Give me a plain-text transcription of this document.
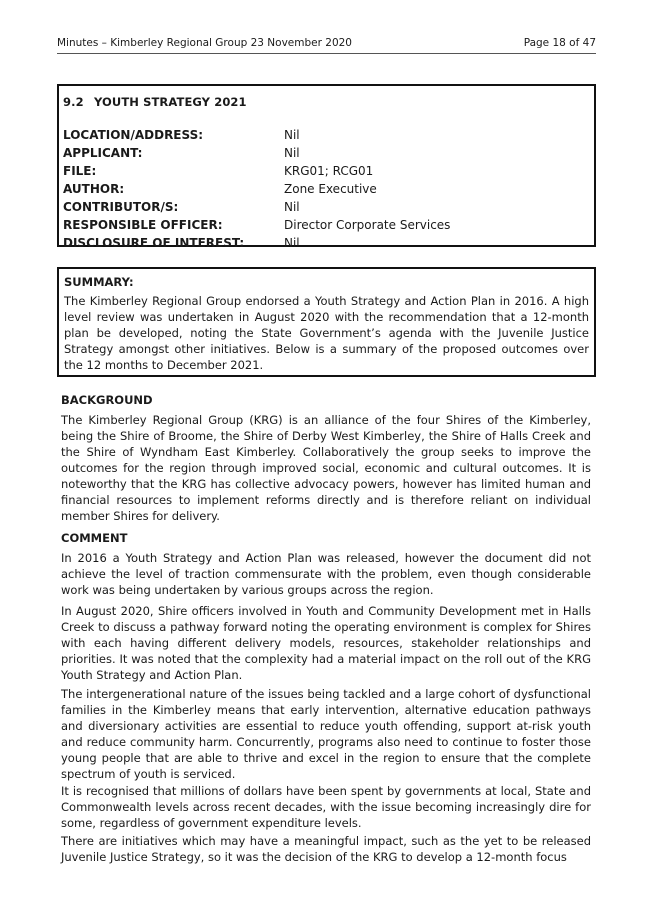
Minutes – Kimberley Regional Group 23 November 2020	Page 18 of 47
9.2 YOUTH STRATEGY 2021
LOCATION/ADDRESS:	Nil
APPLICANT:	Nil
FILE:	KRG01; RCG01
AUTHOR:	Zone Executive
CONTRIBUTOR/S:	Nil
RESPONSIBLE OFFICER:	Director Corporate Services
DISCLOSURE OF INTEREST:	Nil
SUMMARY:

The Kimberley Regional Group endorsed a Youth Strategy and Action Plan in 2016. A high level review was undertaken in August 2020 with the recommendation that a 12-month plan be developed, noting the State Government’s agenda with the Juvenile Justice Strategy amongst other initiatives. Below is a summary of the proposed outcomes over the 12 months to December 2021.

BACKGROUND

The Kimberley Regional Group (KRG) is an alliance of the four Shires of the Kimberley, being the Shire of Broome, the Shire of Derby West Kimberley, the Shire of Halls Creek and the Shire of Wyndham East Kimberley. Collaboratively the group seeks to improve the outcomes for the region through improved social, economic and cultural outcomes. It is noteworthy that the KRG has collective advocacy powers, however has limited human and financial resources to implement reforms directly and is therefore reliant on individual member Shires for delivery.

COMMENT

In 2016 a Youth Strategy and Action Plan was released, however the document did not achieve the level of traction commensurate with the problem, even though considerable work was being undertaken by various groups across the region.

In August 2020, Shire officers involved in Youth and Community Development met in Halls Creek to discuss a pathway forward noting the operating environment is complex for Shires with each having different delivery models, resources, stakeholder relationships and priorities. It was noted that the complexity had a material impact on the roll out of the KRG Youth Strategy and Action Plan.

The intergenerational nature of the issues being tackled and a large cohort of dysfunctional families in the Kimberley means that early intervention, alternative education pathways and diversionary activities are essential to reduce youth offending, support at-risk youth and reduce community harm. Concurrently, programs also need to continue to foster those young people that are able to thrive and excel in the region to ensure that the complete spectrum of youth is serviced.

It is recognised that millions of dollars have been spent by governments at local, State and Commonwealth levels across recent decades, with the issue becoming increasingly dire for some, regardless of government expenditure levels.

There are initiatives which may have a meaningful impact, such as the yet to be released Juvenile Justice Strategy, so it was the decision of the KRG to develop a 12-month focus
